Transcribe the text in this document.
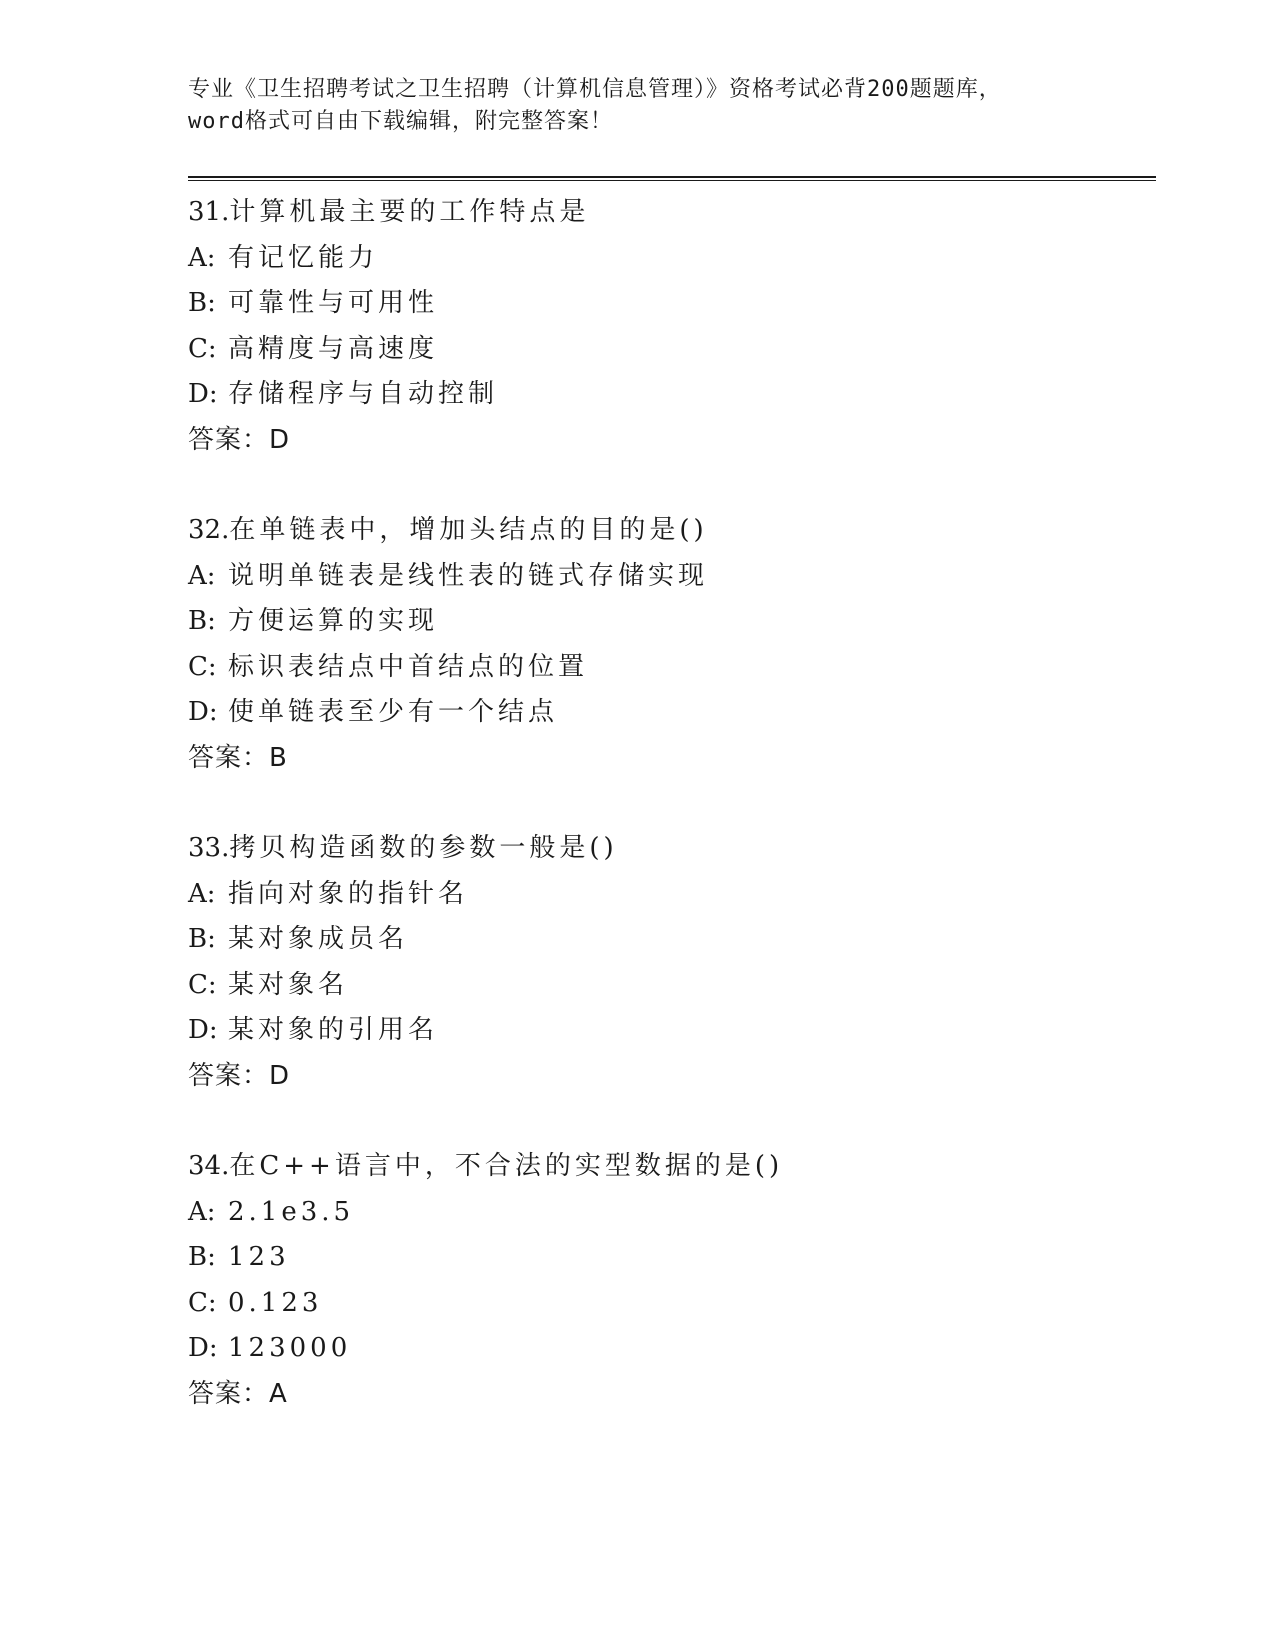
专业《卫生招聘考试之卫生招聘（计算机信息管理）》资格考试必背200题题库，
word格式可自由下载编辑，附完整答案！
31.计算机最主要的工作特点是
A: 有记忆能力
B: 可靠性与可用性
C: 高精度与高速度
D: 存储程序与自动控制
答案：D
32.在单链表中，增加头结点的目的是()
A: 说明单链表是线性表的链式存储实现
B: 方便运算的实现
C: 标识表结点中首结点的位置
D: 使单链表至少有一个结点
答案：B
33.拷贝构造函数的参数一般是()
A: 指向对象的指针名
B: 某对象成员名
C: 某对象名
D: 某对象的引用名
答案：D
34.在C++语言中，不合法的实型数据的是()
A: 2.1e3.5
B: 123
C: 0.123
D: 123000
答案：A
